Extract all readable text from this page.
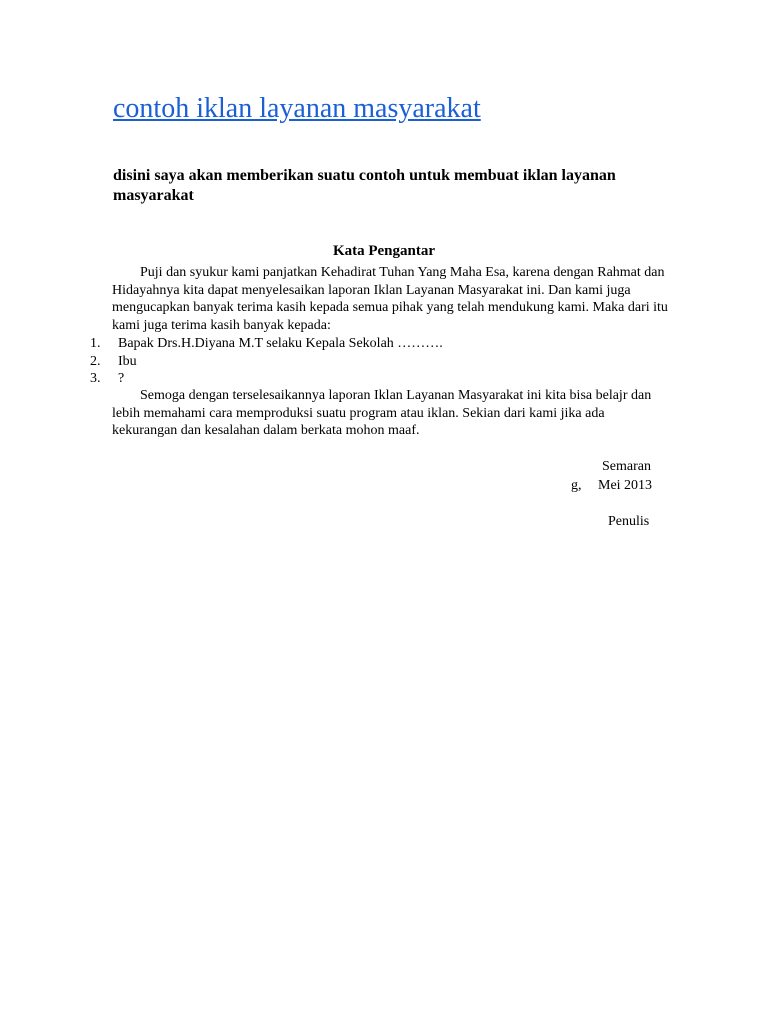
contoh iklan layanan masyarakat

disini saya akan memberikan suatu contoh untuk membuat iklan layanan masyarakat

Kata Pengantar

Puji dan syukur kami panjatkan Kehadirat Tuhan Yang Maha Esa, karena dengan Rahmat dan Hidayahnya kita dapat menyelesaikan laporan Iklan Layanan Masyarakat ini. Dan kami juga mengucapkan banyak terima kasih kepada semua pihak yang telah mendukung kami. Maka dari itu kami juga terima kasih banyak kepada:

1. Bapak Drs.H.Diyana M.T selaku Kepala Sekolah ……….
2. Ibu
3. ?

Semoga dengan terselesaikannya laporan Iklan Layanan Masyarakat ini kita bisa belajr dan lebih memahami cara memproduksi suatu program atau iklan. Sekian dari kami jika ada kekurangan dan kesalahan dalam berkata mohon maaf.

Semaran
g, Mei 2013
Penulis
